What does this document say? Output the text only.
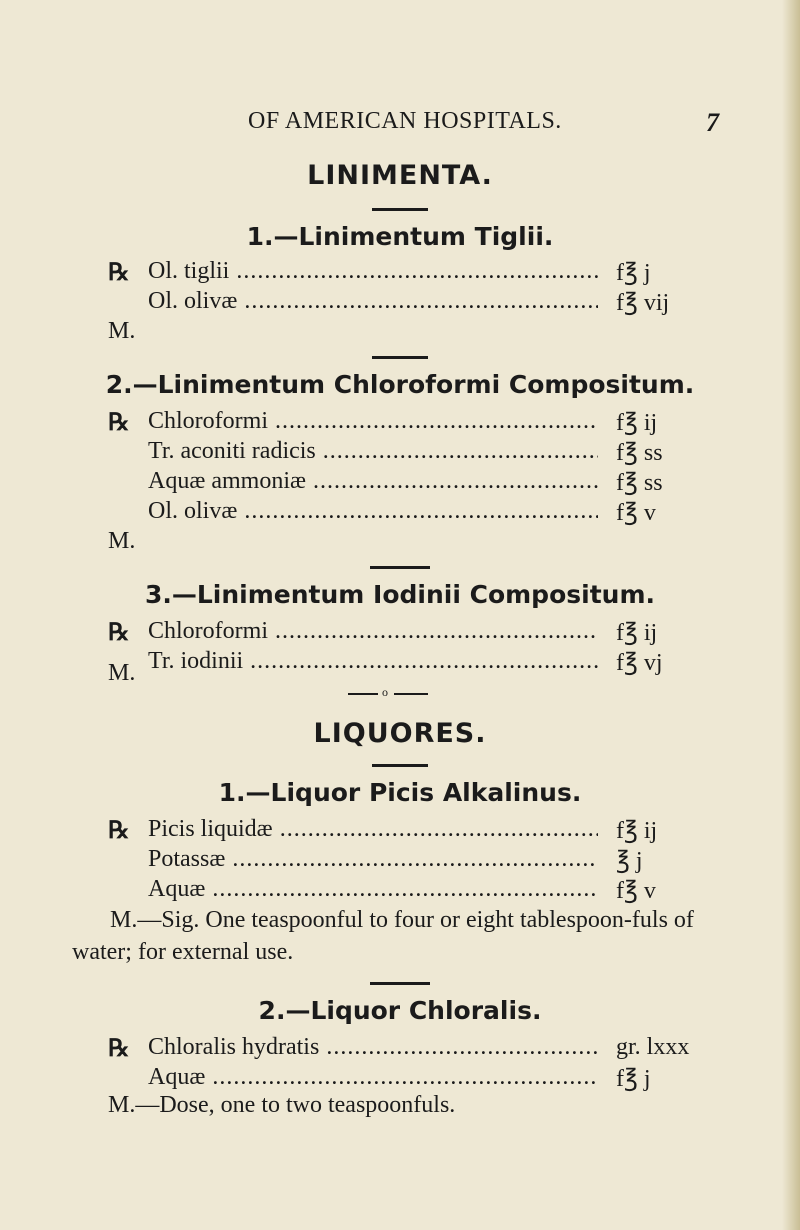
OF AMERICAN HOSPITALS.	7
LINIMENTA.
1.—Linimentum Tiglii.
℞ Ol. tiglii .....	f℥ j
Ol. olivæ .....	f℥ vij
M.
2.—Linimentum Chloroformi Compositum.
℞ Chloroformi .....	f℥ ij
Tr. aconiti radicis .....	f℥ ss
Aquæ ammoniæ .....	f℥ ss
Ol. olivæ .....	f℥ v
M.
3.—Linimentum Iodinii Compositum.
℞ Chloroformi .....	f℥ ij
Tr. iodinii .....	f℥ vj
M.
o
LIQUORES.
1.—Liquor Picis Alkalinus.
℞ Picis liquidæ .....	f℥ ij
Potassæ .....	℥ j
Aquæ .....	f℥ v
M.—Sig. One teaspoonful to four or eight tablespoon-fuls of water; for external use.
2.—Liquor Chloralis.
℞ Chloralis hydratis .....	gr. lxxx
Aquæ .....	f℥ j
M.—Dose, one to two teaspoonfuls.
